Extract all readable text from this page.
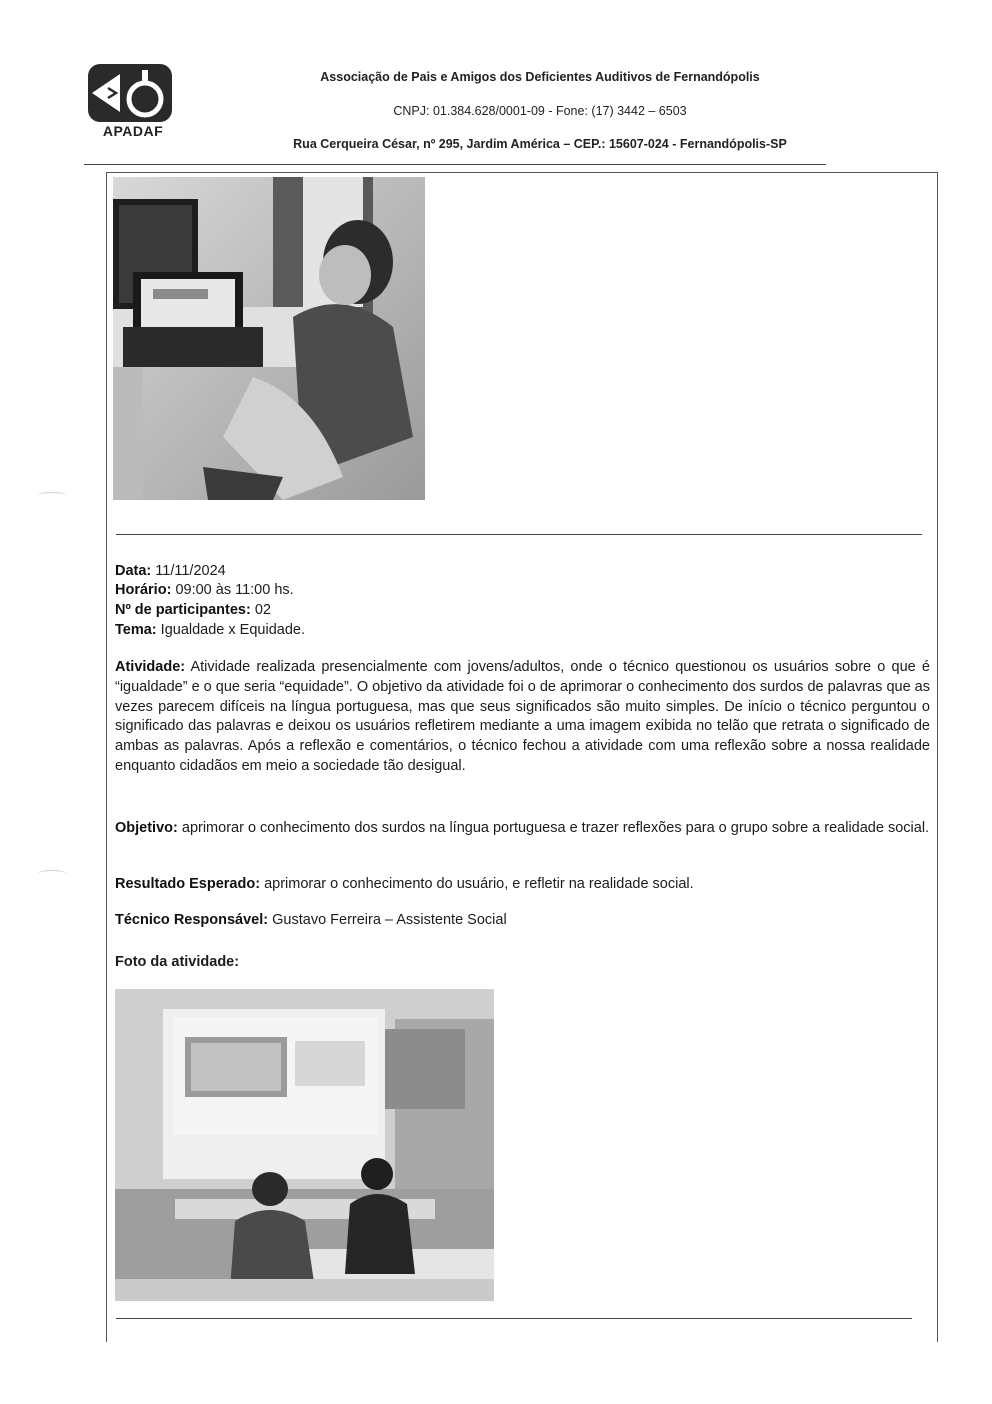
APADAF
Associação de Pais e Amigos dos Deficientes Auditivos de Fernandópolis
CNPJ: 01.384.628/0001-09 - Fone: (17) 3442 – 6503
Rua Cerqueira César, nº 295, Jardim América – CEP.: 15607-024 - Fernandópolis-SP
Data: 11/11/2024
Horário: 09:00 às 11:00 hs.
Nº de participantes: 02
Tema: Igualdade x Equidade.
Atividade: Atividade realizada presencialmente com jovens/adultos, onde o técnico questionou os usuários sobre o que é “igualdade” e o que seria “equidade”. O objetivo da atividade foi o de aprimorar o conhecimento dos surdos de palavras que as vezes parecem difíceis na língua portuguesa, mas que seus significados são muito simples. De início o técnico perguntou o significado das palavras e deixou os usuários refletirem mediante a uma imagem exibida no telão que retrata o significado de ambas as palavras. Após a reflexão e comentários, o técnico fechou a atividade com uma reflexão sobre a nossa realidade enquanto cidadãos em meio a sociedade tão desigual.
Objetivo: aprimorar o conhecimento dos surdos na língua portuguesa e trazer reflexões para o grupo sobre a realidade social.
Resultado Esperado: aprimorar o conhecimento do usuário, e refletir na realidade social.
Técnico Responsável: Gustavo Ferreira – Assistente Social
Foto da atividade:
